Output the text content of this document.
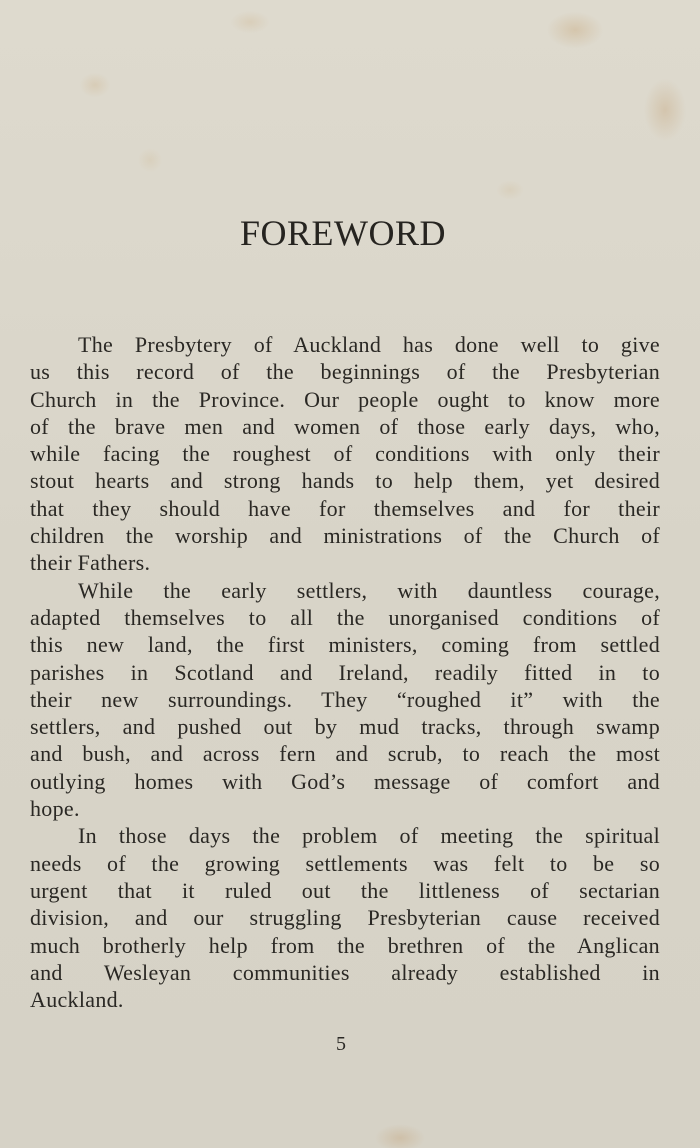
FOREWORD
The Presbytery of Auckland has done well to give
us this record of the beginnings of the Presbyterian
Church in the Province. Our people ought to know more
of the brave men and women of those early days, who,
while facing the roughest of conditions with only their
stout hearts and strong hands to help them, yet desired
that they should have for themselves and for their
children the worship and ministrations of the Church of
their Fathers.
While the early settlers, with dauntless courage,
adapted themselves to all the unorganised conditions of
this new land, the first ministers, coming from settled
parishes in Scotland and Ireland, readily fitted in to
their new surroundings. They “roughed it” with the
settlers, and pushed out by mud tracks, through swamp
and bush, and across fern and scrub, to reach the most
outlying homes with God’s message of comfort and
hope.
In those days the problem of meeting the spiritual
needs of the growing settlements was felt to be so
urgent that it ruled out the littleness of sectarian
division, and our struggling Presbyterian cause received
much brotherly help from the brethren of the Anglican
and Wesleyan communities already established in
Auckland.
5
